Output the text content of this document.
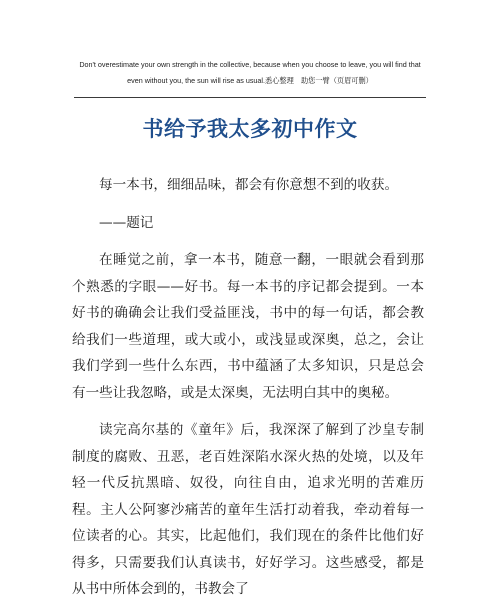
Don't overestimate your own strength in the collective, because when you choose to leave, you will find that
even without you, the sun will rise as usual.悉心整理　助您一臂（页眉可删）
书给予我太多初中作文

每一本书，细细品味，都会有你意想不到的收获。

——题记

在睡觉之前，拿一本书，随意一翻，一眼就会看到那个熟悉的字眼——好书。每一本书的序记都会提到。一本好书的确确会让我们受益匪浅，书中的每一句话，都会教给我们一些道理，或大或小，或浅显或深奥，总之，会让我们学到一些什么东西，书中蕴涵了太多知识，只是总会有一些让我忽略，或是太深奥，无法明白其中的奥秘。

读完高尔基的《童年》后，我深深了解到了沙皇专制制度的腐败、丑恶，老百姓深陷水深火热的处境，以及年轻一代反抗黑暗、奴役，向往自由，追求光明的苦难历程。主人公阿寥沙痛苦的童年生活打动着我，牵动着每一位读者的心。其实，比起他们，我们现在的条件比他们好得多，只需要我们认真读书，好好学习。这些感受，都是从书中所体会到的，书教会了
